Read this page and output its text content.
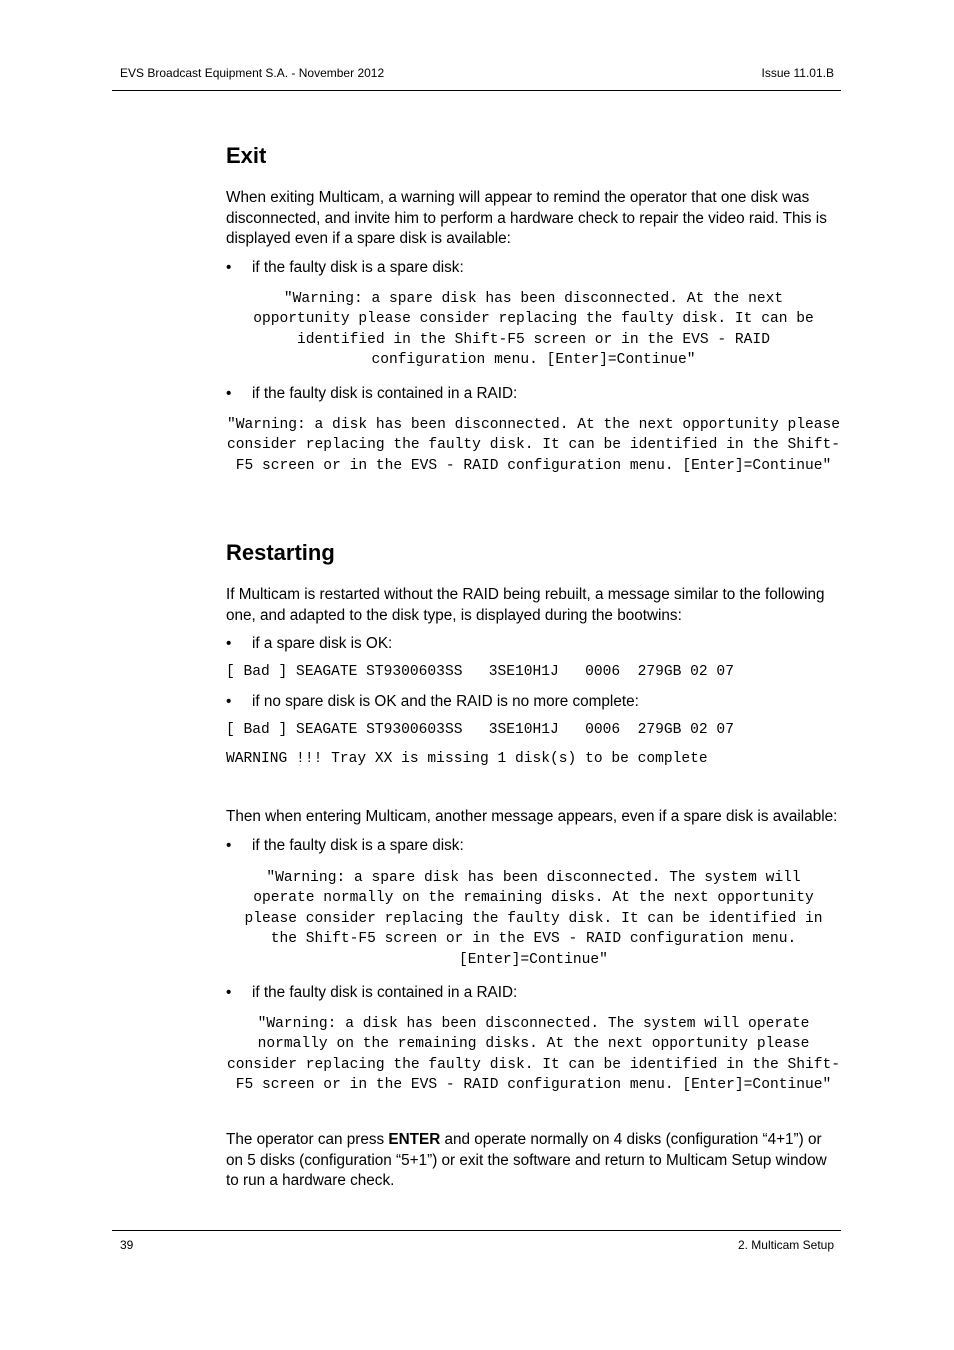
EVS Broadcast Equipment S.A. - November 2012	Issue 11.01.B
Exit
When exiting Multicam, a warning will appear to remind the operator that one disk was disconnected, and invite him to perform a hardware check to repair the video raid. This is displayed even if a spare disk is available:
• if the faulty disk is a spare disk:
"Warning: a spare disk has been disconnected. At the next opportunity please consider replacing the faulty disk. It can be identified in the Shift-F5 screen or in the EVS - RAID configuration menu. [Enter]=Continue"
• if the faulty disk is contained in a RAID:
"Warning: a disk has been disconnected. At the next opportunity please consider replacing the faulty disk. It can be identified in the Shift-F5 screen or in the EVS - RAID configuration menu. [Enter]=Continue"
Restarting
If Multicam is restarted without the RAID being rebuilt, a message similar to the following one, and adapted to the disk type, is displayed during the bootwins:
• if a spare disk is OK:
[ Bad ] SEAGATE ST9300603SS   3SE10H1J   0006  279GB 02 07
• if no spare disk is OK and the RAID is no more complete:
[ Bad ] SEAGATE ST9300603SS   3SE10H1J   0006  279GB 02 07
WARNING !!! Tray XX is missing 1 disk(s) to be complete
Then when entering Multicam, another message appears, even if a spare disk is available:
• if the faulty disk is a spare disk:
"Warning: a spare disk has been disconnected. The system will operate normally on the remaining disks. At the next opportunity please consider replacing the faulty disk. It can be identified in the Shift-F5 screen or in the EVS - RAID configuration menu. [Enter]=Continue"
• if the faulty disk is contained in a RAID:
"Warning: a disk has been disconnected. The system will operate normally on the remaining disks. At the next opportunity please consider replacing the faulty disk. It can be identified in the Shift-F5 screen or in the EVS - RAID configuration menu. [Enter]=Continue"
The operator can press ENTER and operate normally on 4 disks (configuration “4+1”) or on 5 disks (configuration “5+1”) or exit the software and return to Multicam Setup window to run a hardware check.
39	2. Multicam Setup
